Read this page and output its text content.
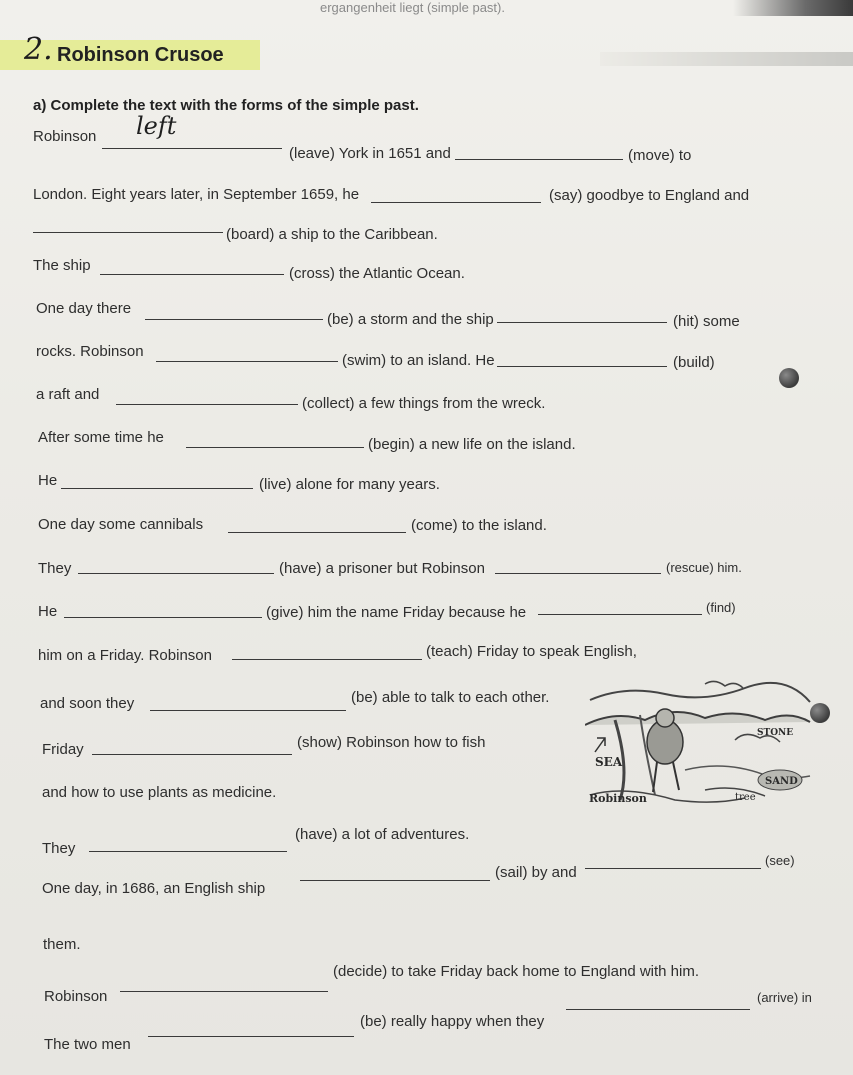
ergangenheit liegt (simple past).
2. Robinson Crusoe
a) Complete the text with the forms of the simple past.
Robinson left
(leave) York in 1651 and	(move) to
London. Eight years later, in September 1659, he	(say) goodbye to England and
(board) a ship to the Caribbean.
The ship	(cross) the Atlantic Ocean.
One day there
(be) a storm and the ship	(hit) some
rocks. Robinson
(swim) to an island. He	(build)
a raft and
(collect) a few things from the wreck.
After some time he	(begin) a new life on the island.
He	(live) alone for many years.
One day some cannibals	(come) to the island.
They	(have) a prisoner but Robinson	(rescue) him.
He	(give) him the name Friday because he	(find)
him on a Friday. Robinson	(teach) Friday to speak English,
and soon they	(be) able to talk to each other.
Friday	(show) Robinson how to fish
and how to use plants as medicine.
They
(have) a lot of adventures.
One day, in 1686, an English ship
(sail) by and
(see)
them.
Robinson
(decide) to take Friday back home to England with him.
The two men
(be) really happy when they
(arrive) in
SEA
STONE
SAND
Robinson	tree
